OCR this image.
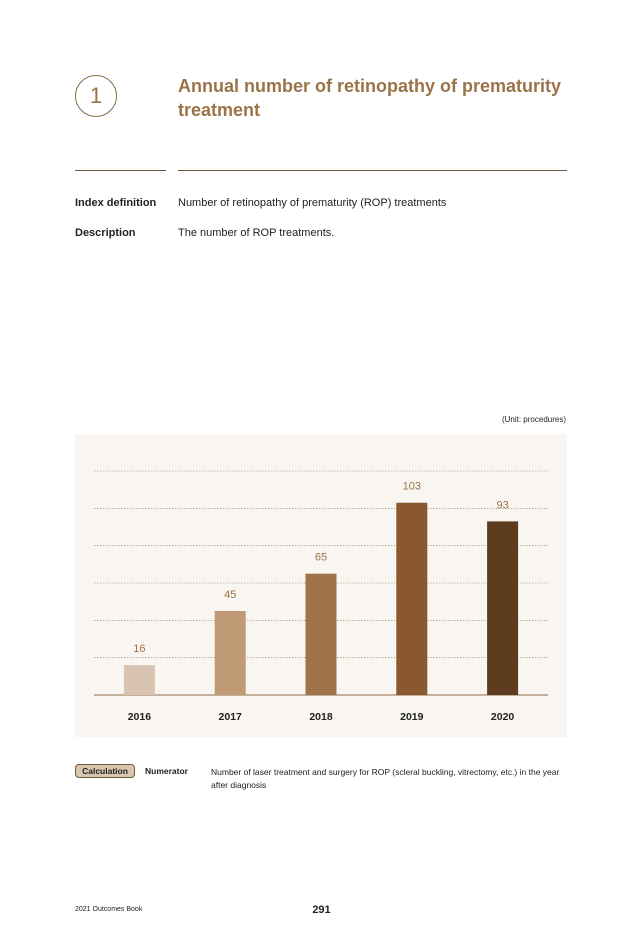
1	Annual number of retinopathy of prematurity treatment
Index definition Number of retinopathy of prematurity (ROP) treatments
Description	The number of ROP treatments.
(Unit: procedures)
16
2016
45
2017
65
2018
103
2019
93
2020
Calculation	Numerator	Number of laser treatment and surgery for ROP (scleral buckling, vitrectomy, etc.) in the year after diagnosis
2021 Outcomes Book	291
